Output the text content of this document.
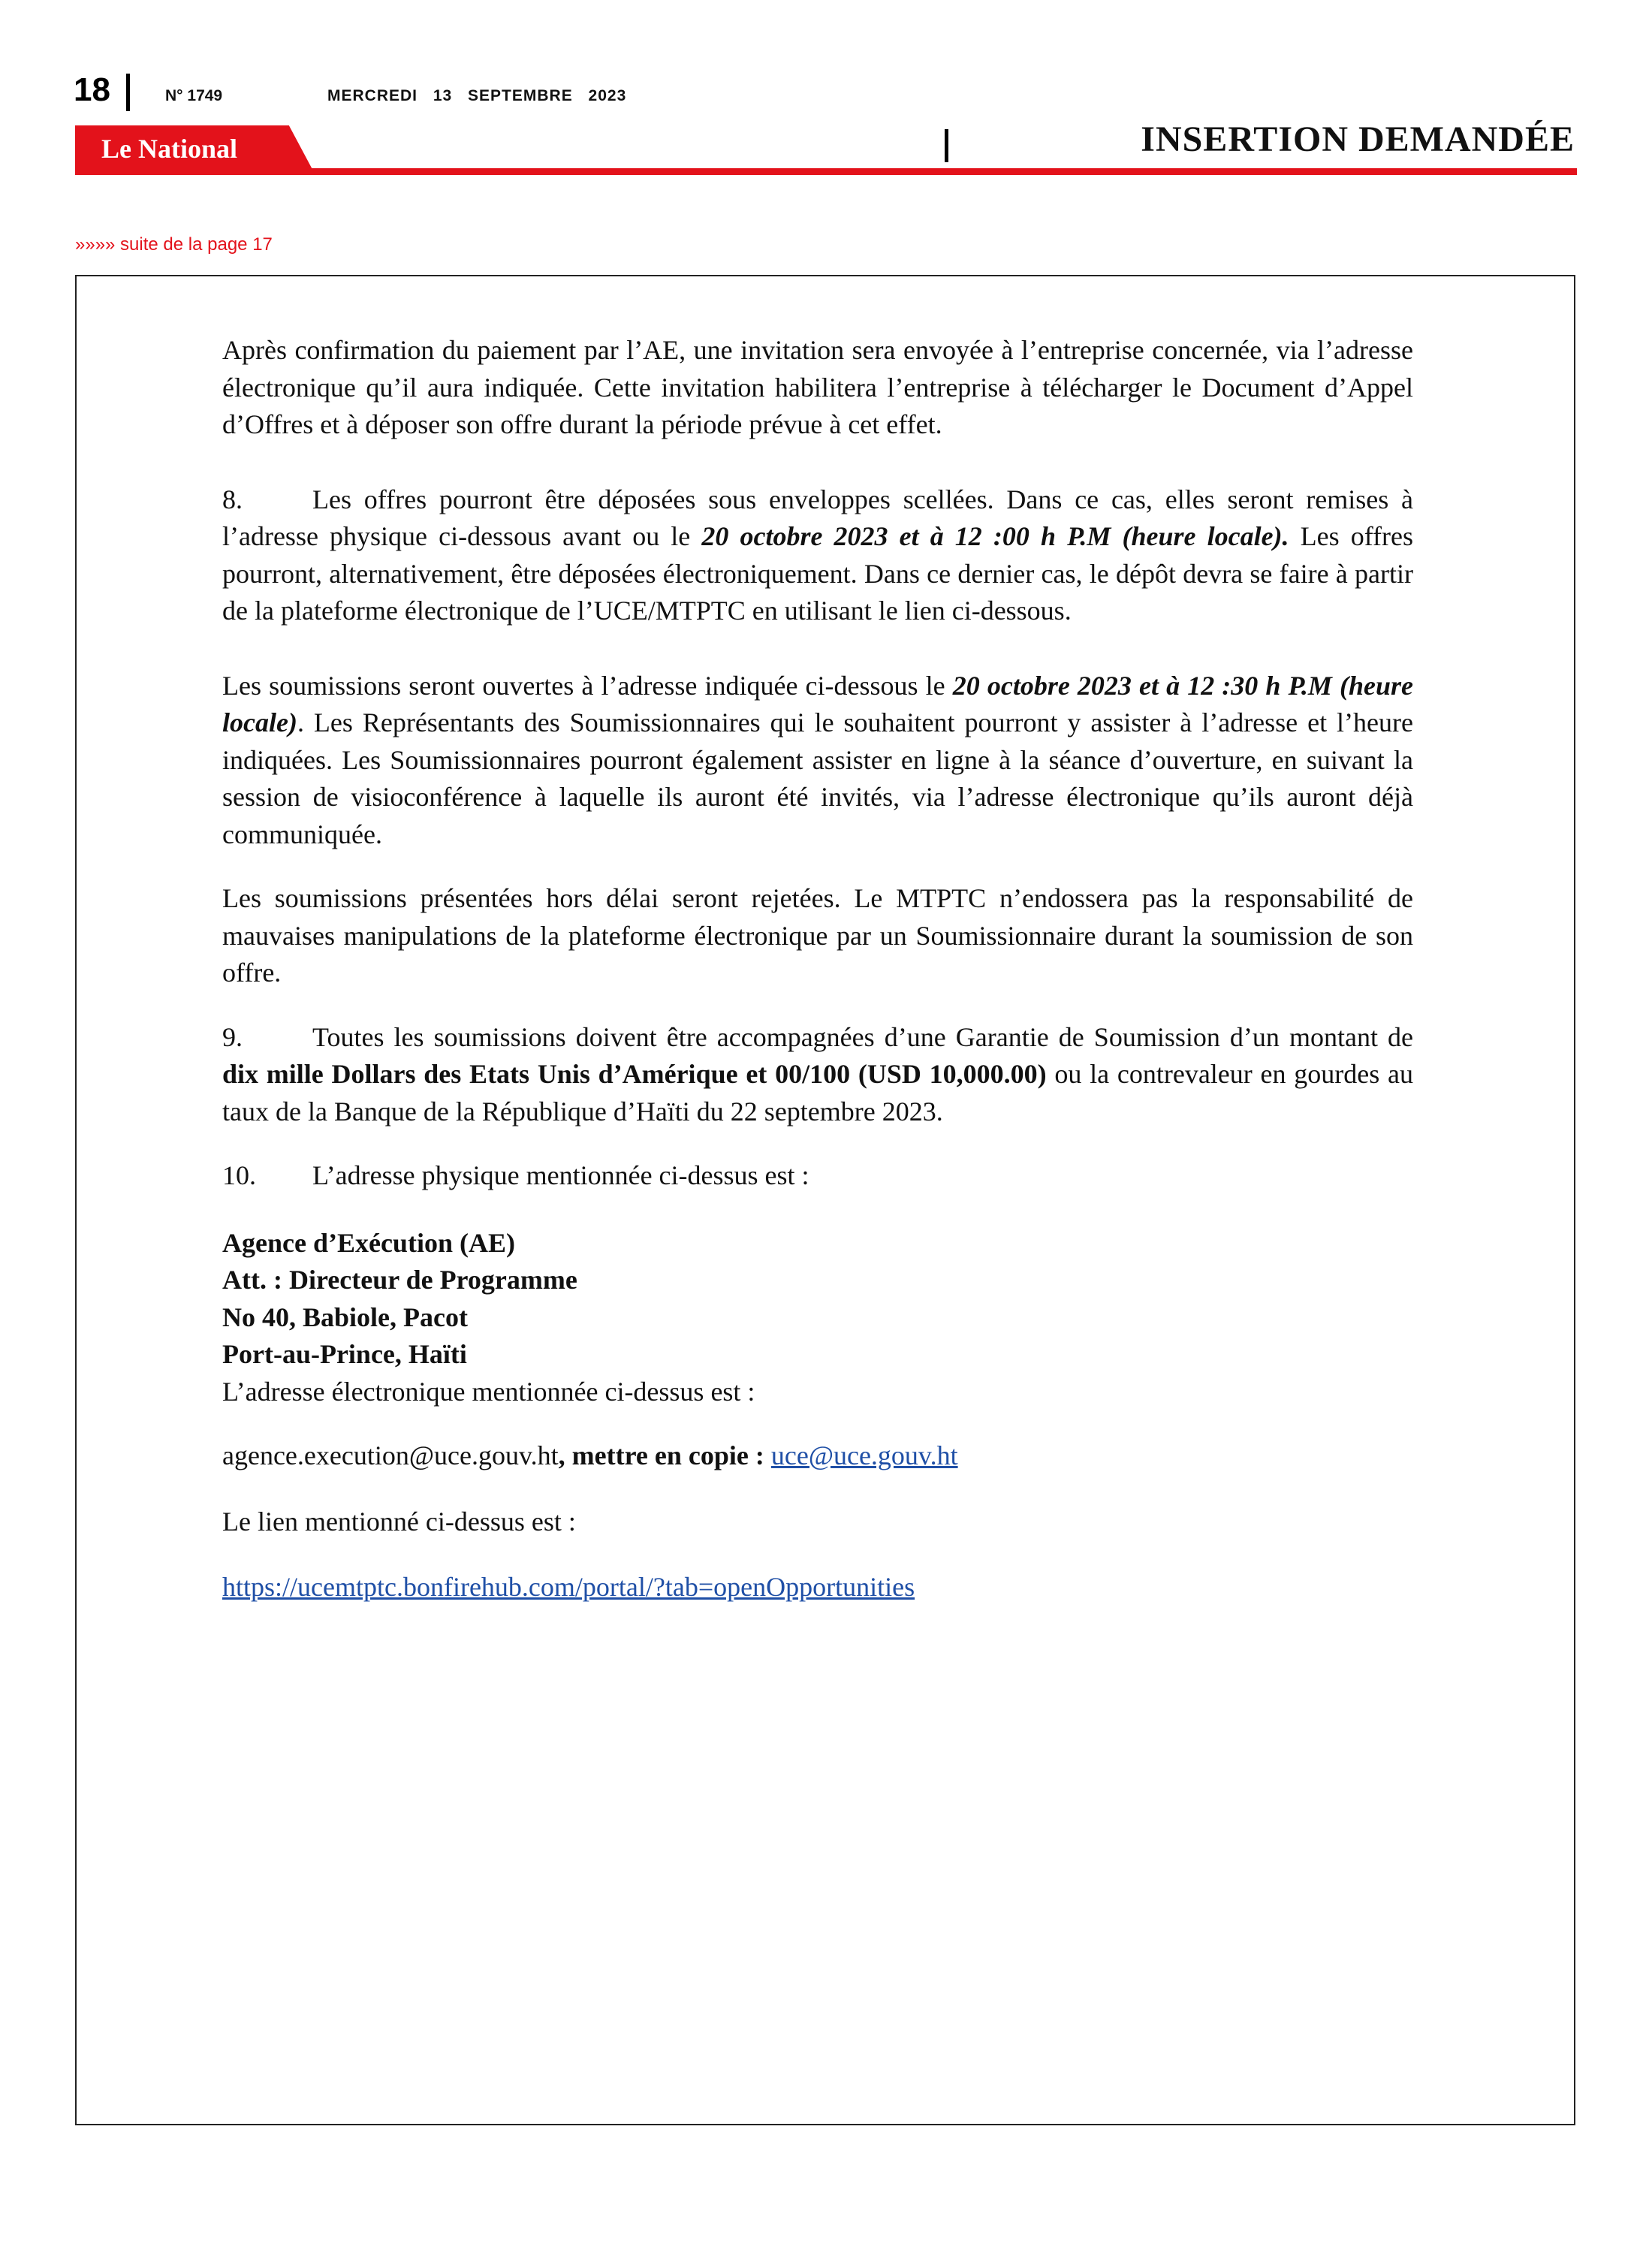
18	N° 1749	MERCREDI 13 SEPTEMBRE 2023
Le National	INSERTION DEMANDÉE
»»»» suite de la page 17

Après confirmation du paiement par l’AE, une invitation sera envoyée à l’entreprise concernée, via l’adresse électronique qu’il aura indiquée. Cette invitation habilitera l’entreprise à télécharger le Document d’Appel d’Offres et à déposer son offre durant la période prévue à cet effet.

8.	Les offres pourront être déposées sous enveloppes scellées. Dans ce cas, elles seront remises à l’adresse physique ci-dessous avant ou le 20 octobre 2023 et à 12 :00 h P.M (heure locale). Les offres pourront, alternativement, être déposées électroniquement. Dans ce dernier cas, le dépôt devra se faire à partir de la plateforme électronique de l’UCE/MTPTC en utilisant le lien ci-dessous.

Les soumissions seront ouvertes à l’adresse indiquée ci-dessous le 20 octobre 2023 et à 12 :30 h P.M (heure locale). Les Représentants des Soumissionnaires qui le souhaitent pourront y assister à l’adresse et l’heure indiquées. Les Soumissionnaires pourront également assister en ligne à la séance d’ouverture, en suivant la session de visioconférence à laquelle ils auront été invités, via l’adresse électronique qu’ils auront déjà communiquée.

Les soumissions présentées hors délai seront rejetées. Le MTPTC n’endossera pas la responsabilité de mauvaises manipulations de la plateforme électronique par un Soumissionnaire durant la soumission de son offre.

9.	Toutes les soumissions doivent être accompagnées d’une Garantie de Soumission d’un montant de dix mille Dollars des Etats Unis d’Amérique et 00/100 (USD 10,000.00) ou la contrevaleur en gourdes au taux de la Banque de la République d’Haïti du 22 septembre 2023.

10. L’adresse physique mentionnée ci-dessus est :

Agence d’Exécution (AE)

Att. : Directeur de Programme

No 40, Babiole, Pacot

Port-au-Prince, Haïti

L’adresse électronique mentionnée ci-dessus est :

agence.execution@uce.gouv.ht, mettre en copie : uce@uce.gouv.ht

Le lien mentionné ci-dessus est :

https://ucemtptc.bonfirehub.com/portal/?tab=openOpportunities
